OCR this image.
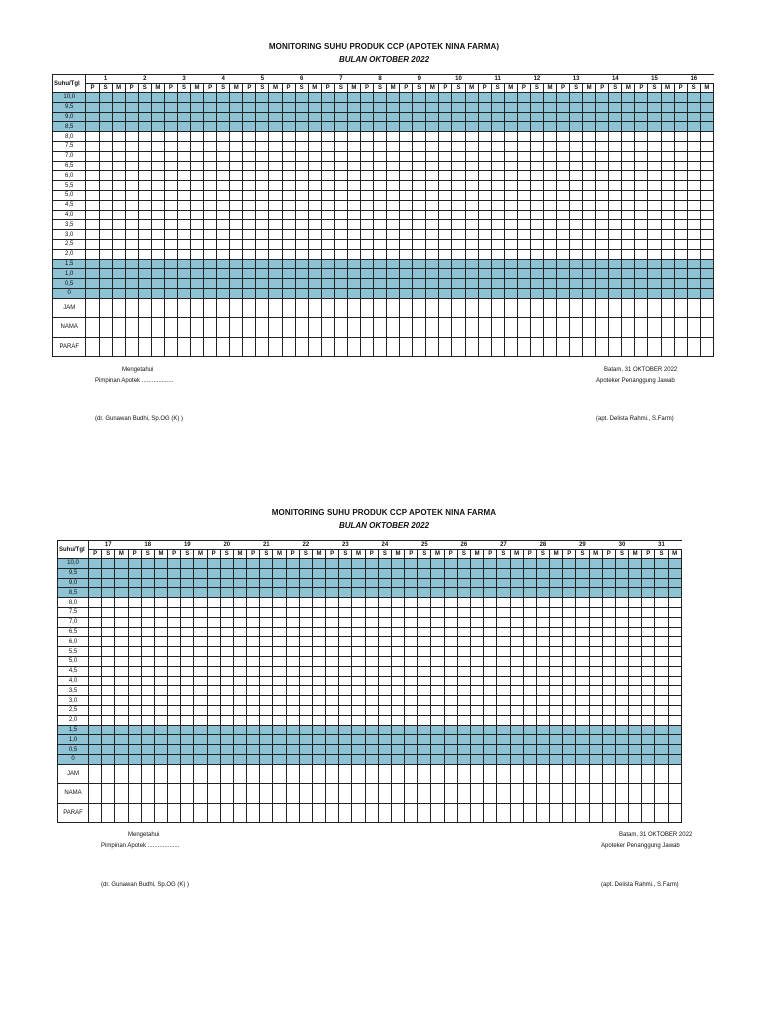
MONITORING SUHU PRODUK CCP (APOTEK NINA FARMA)
BULAN OKTOBER 2022
Suhu/Tgl	1			2			3			4			5			6			7			8			9			10			11			12			13			14			15			16		
	P	S	M	P	S	M	P	S	M	P	S	M	P	S	M	P	S	M	P	S	M	P	S	M	P	S	M	P	S	M	P	S	M	P	S	M	P	S	M	P	S	M	P	S	M	P	S	M
10,0																																																
9,5																																																
9,0																																																
8,5																																																
8,0																																																
7,5																																																
7,0																																																
6,5																																																
6,0																																																
5,5																																																
5,0																																																
4,5																																																
4,0																																																
3,5																																																
3,0																																																
2,5																																																
2,0																																																
1,5																																																
1,0																																																
0,5																																																
0																																																
JAM																																																
NAMA																																																
PARAF																																																
Mengetahui
Pimpinan Apotek ...................
(dr. Gunawan Budhi, Sp.OG (K) )
Batam, 31 OKTOBER 2022
Apoteker Penanggung Jawab
(apt. Delista Rahmi., S.Farm)
MONITORING SUHU PRODUK CCP APOTEK NINA FARMA
BULAN OKTOBER 2022
Suhu/Tgl	17			18			19			20			21			22			23			24			25			26			27			28			29			30			31		
	P	S	M	P	S	M	P	S	M	P	S	M	P	S	M	P	S	M	P	S	M	P	S	M	P	S	M	P	S	M	P	S	M	P	S	M	P	S	M	P	S	M	P	S	M
10,0																																													
9,5																																													
9,0																																													
8,5																																													
8,0																																													
7,5																																													
7,0																																													
6,5																																													
6,0																																													
5,5																																													
5,0																																													
4,5																																													
4,0																																													
3,5																																													
3,0																																													
2,5																																													
2,0																																													
1,5																																													
1,0																																													
0,5																																													
0																																													
JAM																																													
NAMA																																													
PARAF																																													
Mengetahui
Pimpinan Apotek ...................
(dr. Gunawan Budhi, Sp.OG (K) )
Batam, 31 OKTOBER 2022
Apoteker Penanggung Jawab
(apt. Delista Rahmi., S.Farm)
